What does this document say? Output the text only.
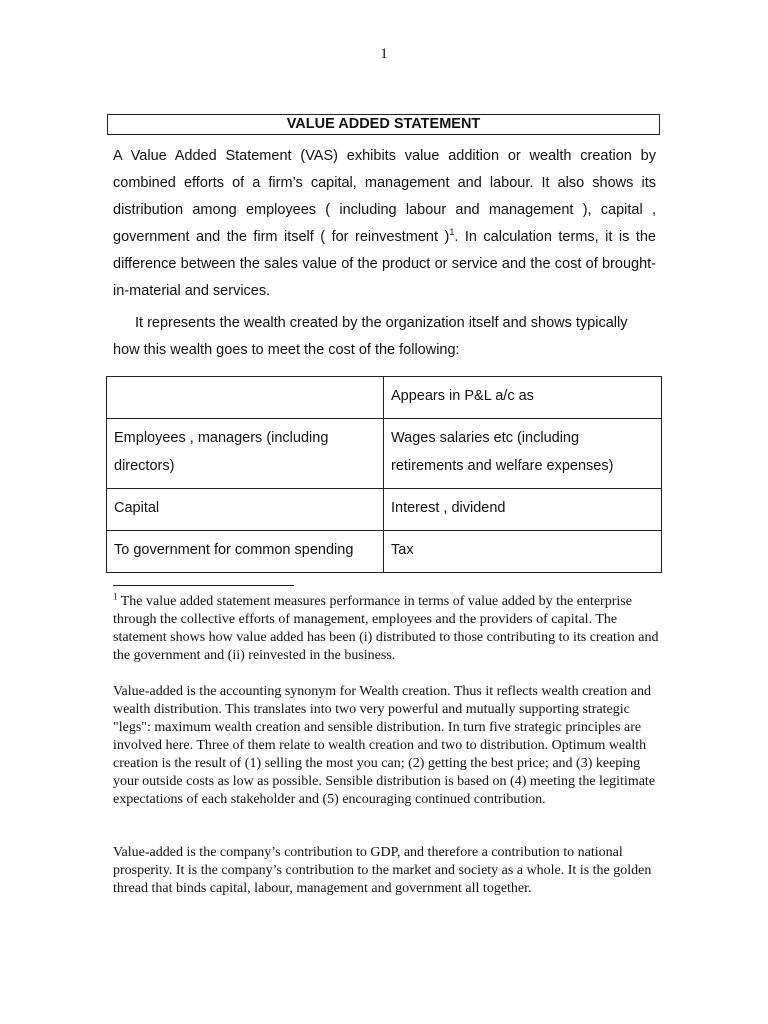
1
VALUE ADDED STATEMENT

A Value Added Statement (VAS) exhibits value addition or wealth creation by combined efforts of a firm’s capital, management and labour. It also shows its distribution among employees ( including labour and management ), capital , government and the firm itself ( for reinvestment )$^1$. In calculation terms, it is the difference between the sales value of the product or service and the cost of brought-in-material and services.

It represents the wealth created by the organization itself and shows typically how this wealth goes to meet the cost of the following:

	Appears in P&L a/c as
Employees , managers (including directors)	Wages salaries etc (including retirements and welfare expenses)
Capital	Interest , dividend
To government for common spending	Tax

$^1$ The value added statement measures performance in terms of value added by the enterprise through the collective efforts of management, employees and the providers of capital. The statement shows how value added has been (i) distributed to those contributing to its creation and the government and (ii) reinvested in the business.

Value-added is the accounting synonym for Wealth creation. Thus it reflects wealth creation and wealth distribution. This translates into two very powerful and mutually supporting strategic "legs": maximum wealth creation and sensible distribution. In turn five strategic principles are involved here. Three of them relate to wealth creation and two to distribution. Optimum wealth creation is the result of (1) selling the most you can; (2) getting the best price; and (3) keeping your outside costs as low as possible. Sensible distribution is based on (4) meeting the legitimate expectations of each stakeholder and (5) encouraging continued contribution.

Value-added is the company’s contribution to GDP, and therefore a contribution to national prosperity. It is the company’s contribution to the market and society as a whole. It is the golden thread that binds capital, labour, management and government all together.
